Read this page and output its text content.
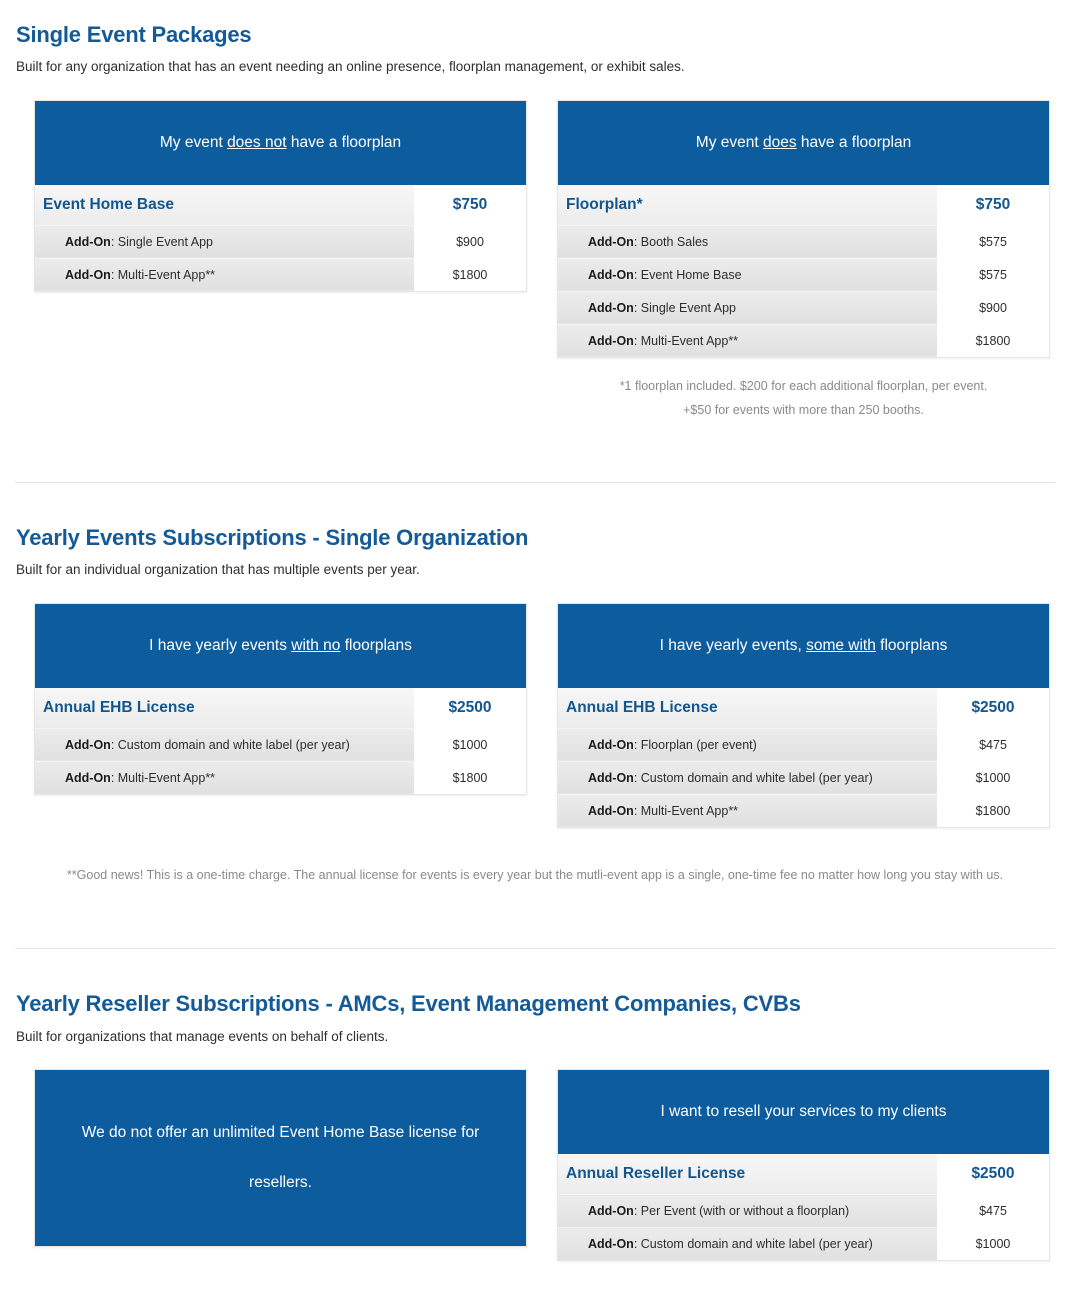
Single Event Packages

Built for any organization that has an event needing an online presence, floorplan management, or exhibit sales.

My event does not have a floorplan
Event Home Base	$750
Add-On: Single Event App	$900
Add-On: Multi-Event App**	$1800
My event does have a floorplan
Floorplan*	$750
Add-On: Booth Sales	$575
Add-On: Event Home Base	$575
Add-On: Single Event App	$900
Add-On: Multi-Event App**	$1800

*1 floorplan included. $200 for each additional floorplan, per event.
+$50 for events with more than 250 booths.

Yearly Events Subscriptions - Single Organization

Built for an individual organization that has multiple events per year.

I have yearly events with no floorplans
Annual EHB License	$2500
Add-On: Custom domain and white label (per year)	$1000
Add-On: Multi-Event App**	$1800
I have yearly events, some with floorplans
Annual EHB License	$2500
Add-On: Floorplan (per event)	$475
Add-On: Custom domain and white label (per year)	$1000
Add-On: Multi-Event App**	$1800

**Good news! This is a one-time charge. The annual license for events is every year but the mutli-event app is a single, one-time fee no matter how long you stay with us.

Yearly Reseller Subscriptions - AMCs, Event Management Companies, CVBs

Built for organizations that manage events on behalf of clients.

We do not offer an unlimited Event Home Base license for resellers.
I want to resell your services to my clients
Annual Reseller License	$2500
Add-On: Per Event (with or without a floorplan)	$475
Add-On: Custom domain and white label (per year)	$1000
